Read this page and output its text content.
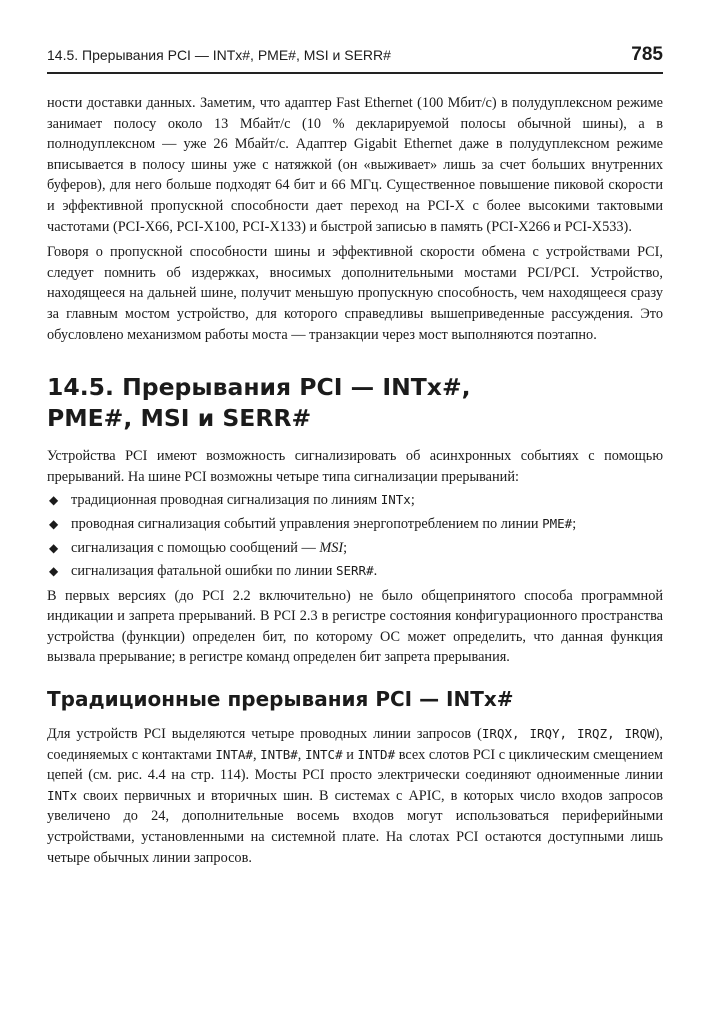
14.5. Прерывания PCI — INTx#, PME#, MSI и SERR#	785

ности доставки данных. Заметим, что адаптер Fast Ethernet (100 Мбит/с) в полудуплексном режиме занимает полосу около 13 Мбайт/с (10 % декларируемой полосы обычной шины), а в полнодуплексном — уже 26 Мбайт/с. Адаптер Gigabit Ethernet даже в полудуплексном режиме вписывается в полосу шины уже с натяжкой (он «выживает» лишь за счет больших внутренних буферов), для него больше подходят 64 бит и 66 МГц. Существенное повышение пиковой скорости и эффективной пропускной способности дает переход на PCI-X с более высокими тактовыми частотами (PCI-X66, PCI-X100, PCI-X133) и быстрой записью в память (PCI-X266 и PCI-X533).

Говоря о пропускной способности шины и эффективной скорости обмена с устройствами PCI, следует помнить об издержках, вносимых дополнительными мостами PCI/PCI. Устройство, находящееся на дальней шине, получит меньшую пропускную способность, чем находящееся сразу за главным мостом устройство, для которого справедливы вышеприведенные рассуждения. Это обусловлено механизмом работы моста — транзакции через мост выполняются поэтапно.

14.5. Прерывания PCI — INTx#,
PME#, MSI и SERR#

Устройства PCI имеют возможность сигнализировать об асинхронных событиях с помощью прерываний. На шине PCI возможны четыре типа сигнализации прерываний:

◆ традиционная проводная сигнализация по линиям INTx;
◆ проводная сигнализация событий управления энергопотреблением по линии PME#;
◆ сигнализация с помощью сообщений — MSI;
◆ сигнализация фатальной ошибки по линии SERR#.

В первых версиях (до PCI 2.2 включительно) не было общепринятого способа программной индикации и запрета прерываний. В PCI 2.3 в регистре состояния конфигурационного пространства устройства (функции) определен бит, по которому ОС может определить, что данная функция вызвала прерывание; в регистре команд определен бит запрета прерывания.

Традиционные прерывания PCI — INTx#

Для устройств PCI выделяются четыре проводных линии запросов (IRQX, IRQY, IRQZ, IRQW), соединяемых с контактами INTA#, INTB#, INTC# и INTD# всех слотов PCI с циклическим смещением цепей (см. рис. 4.4 на стр. 114). Мосты PCI просто электрически соединяют одноименные линии INTx своих первичных и вторичных шин. В системах с APIC, в которых число входов запросов увеличено до 24, дополнительные восемь входов могут использоваться периферийными устройствами, установленными на системной плате. На слотах PCI остаются доступными лишь четыре обычных линии запросов.
